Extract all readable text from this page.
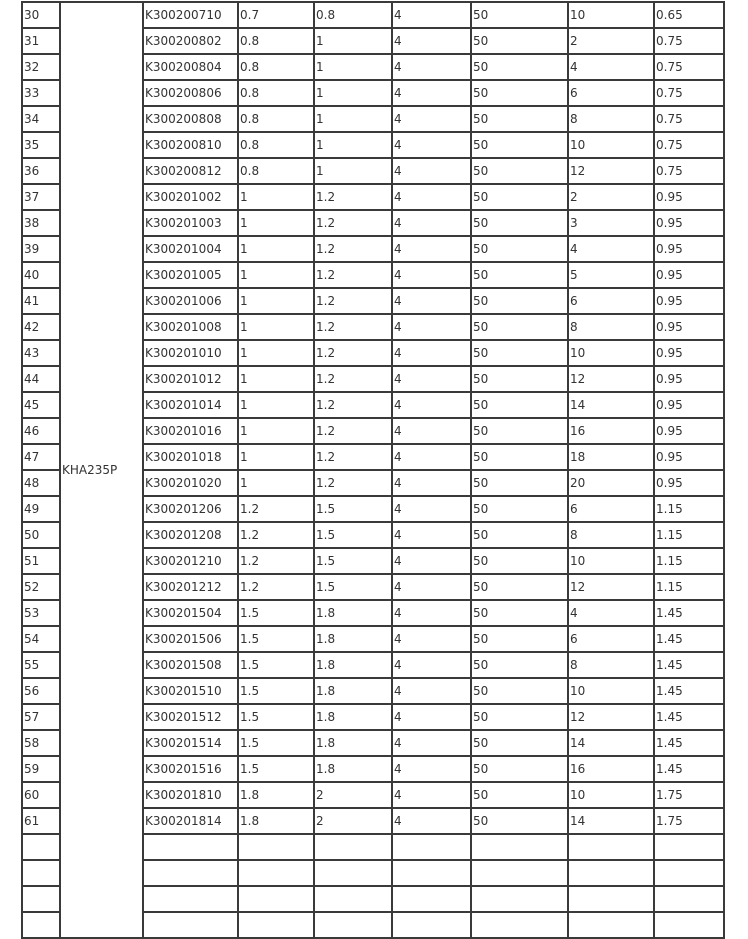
30	KHA235P	K300200710	0.7	0.8	4	50	10	0.65
31		K300200802	0.8	1	4	50	2	0.75
32		K300200804	0.8	1	4	50	4	0.75
33		K300200806	0.8	1	4	50	6	0.75
34		K300200808	0.8	1	4	50	8	0.75
35		K300200810	0.8	1	4	50	10	0.75
36		K300200812	0.8	1	4	50	12	0.75
37		K300201002	1	1.2	4	50	2	0.95
38		K300201003	1	1.2	4	50	3	0.95
39		K300201004	1	1.2	4	50	4	0.95
40		K300201005	1	1.2	4	50	5	0.95
41		K300201006	1	1.2	4	50	6	0.95
42		K300201008	1	1.2	4	50	8	0.95
43		K300201010	1	1.2	4	50	10	0.95
44		K300201012	1	1.2	4	50	12	0.95
45		K300201014	1	1.2	4	50	14	0.95
46		K300201016	1	1.2	4	50	16	0.95
47		K300201018	1	1.2	4	50	18	0.95
48		K300201020	1	1.2	4	50	20	0.95
49		K300201206	1.2	1.5	4	50	6	1.15
50		K300201208	1.2	1.5	4	50	8	1.15
51		K300201210	1.2	1.5	4	50	10	1.15
52		K300201212	1.2	1.5	4	50	12	1.15
53		K300201504	1.5	1.8	4	50	4	1.45
54		K300201506	1.5	1.8	4	50	6	1.45
55		K300201508	1.5	1.8	4	50	8	1.45
56		K300201510	1.5	1.8	4	50	10	1.45
57		K300201512	1.5	1.8	4	50	12	1.45
58		K300201514	1.5	1.8	4	50	14	1.45
59		K300201516	1.5	1.8	4	50	16	1.45
60		K300201810	1.8	2	4	50	10	1.75
61		K300201814	1.8	2	4	50	14	1.75
